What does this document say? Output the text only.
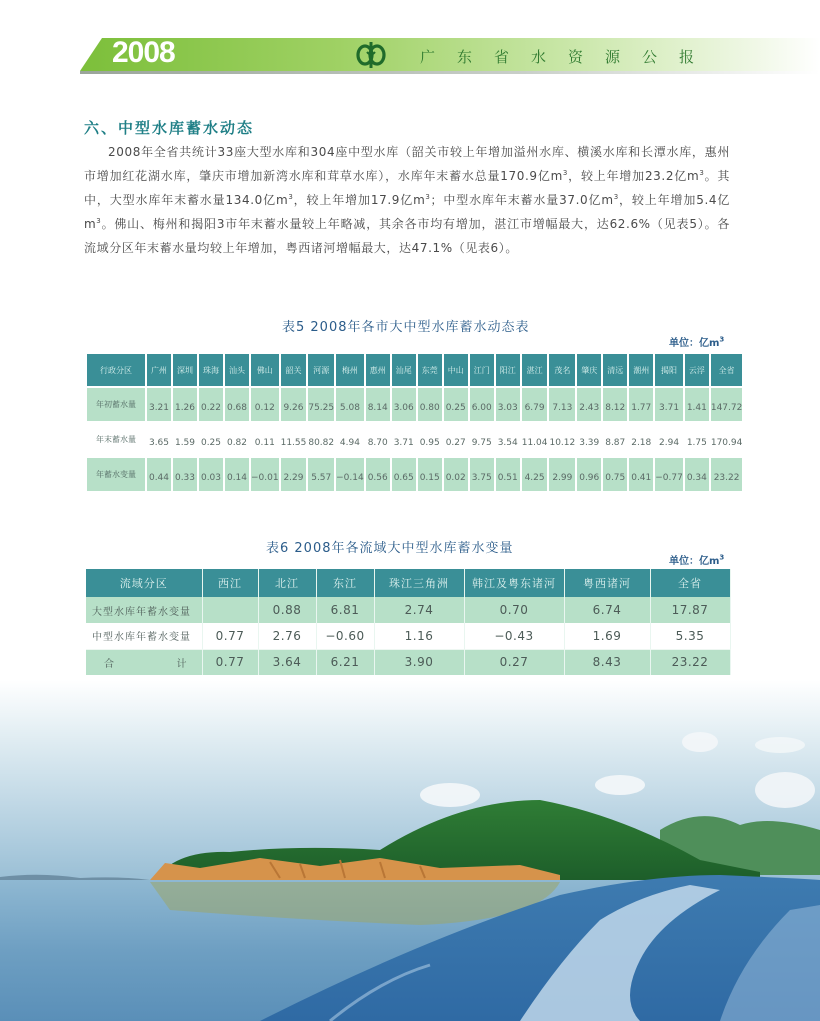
2008	广东省水资源公报
六、中型水库蓄水动态

2008年全省共统计33座大型水库和304座中型水库（韶关市较上年增加溢州水库、横溪水库和长潭水库，惠州市增加红花湖水库，肇庆市增加新湾水库和茸草水库），水库年末蓄水总量170.9亿$m^3$，较上年增加23.2亿$m^3$。其中，大型水库年末蓄水量134.0亿$m^3$，较上年增加17.9亿$m^3$；中型水库年末蓄水量37.0亿$m^3$，较上年增加5.4亿$m^3$。佛山、梅州和揭阳3市年末蓄水量较上年略减，其余各市均有增加，湛江市增幅最大，达62.6%（见表5）。各流域分区年末蓄水量均较上年增加，粤西诸河增幅最大，达47.1%（见表6）。

表5 2008年各市大中型水库蓄水动态表
单位：亿$m^3$
行政分区	广州	深圳	珠海	汕头	佛山	韶关	河源	梅州	惠州	汕尾	东莞	中山	江门	阳江	湛江	茂名	肇庆	清远	潮州	揭阳	云浮	全省
年初蓄水量	3.21	1.26	0.22	0.68	0.12	9.26	75.25	5.08	8.14	3.06	0.80	0.25	6.00	3.03	6.79	7.13	2.43	8.12	1.77	3.71	1.41	147.72
年末蓄水量	3.65	1.59	0.25	0.82	0.11	11.55	80.82	4.94	8.70	3.71	0.95	0.27	9.75	3.54	11.04	10.12	3.39	8.87	2.18	2.94	1.75	170.94
年蓄水变量	0.44	0.33	0.03	0.14	−0.01	2.29	5.57	−0.14	0.56	0.65	0.15	0.02	3.75	0.51	4.25	2.99	0.96	0.75	0.41	−0.77	0.34	23.22
表6 2008年各流域大中型水库蓄水变量
单位：亿$m^3$
流域分区	西江	北江	东江	珠江三角洲	韩江及粤东诸河	粤西诸河	全省
大型水库年蓄水变量		0.88	6.81	2.74	0.70	6.74	17.87
中型水库年蓄水变量	0.77	2.76	−0.60	1.16	−0.43	1.69	5.35

合 计	0.77	3.64	6.21	3.90	0.27	8.43	23.22
